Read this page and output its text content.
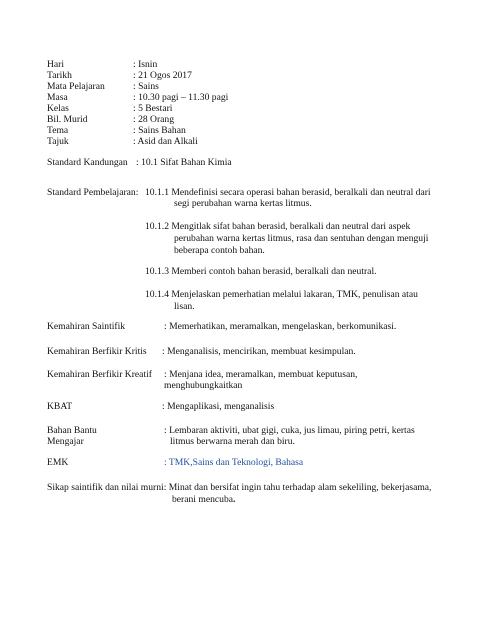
Hari	: Isnin
Tarikh	: 21 Ogos 2017
Mata Pelajaran	: Sains
Masa	: 10.30 pagi – 11.30 pagi
Kelas	: 5 Bestari
Bil. Murid	: 28 Orang
Tema	: Sains Bahan
Tajuk	: Asid dan Alkali
Standard Kandungan : 10.1 Sifat Bahan Kimia
Standard Pembelajaran: 10.1.1 Mendefinisi secara operasi bahan berasid, beralkali dan neutral dari
segi perubahan warna kertas litmus.
10.1.2 Mengitlak sifat bahan berasid, beralkali dan neutral dari aspek
perubahan warna kertas litmus, rasa dan sentuhan dengan menguji
beberapa contoh bahan.
10.1.3 Memberi contoh bahan berasid, beralkali dan neutral.
10.1.4 Menjelaskan pemerhatian melalui lakaran, TMK, penulisan atau
lisan.
Kemahiran Saintifik	: Memerhatikan, meramalkan, mengelaskan, berkomunikasi.
Kemahiran Berfikir Kritis : Menganalisis, mencirikan, membuat kesimpulan.
Kemahiran Berfikir Kreatif : Menjana idea, meramalkan, membuat keputusan,
menghubungkaitkan
KBAT	: Mengaplikasi, menganalisis
Bahan Bantu
Mengajar
: Lembaran aktiviti, ubat gigi, cuka, jus limau, piring petri, kertas
litmus berwarna merah dan biru.
EMK	: TMK,Sains dan Teknologi, Bahasa
Sikap saintifik dan nilai murni: Minat dan bersifat ingin tahu terhadap alam sekeliling, bekerjasama,
berani mencuba.
